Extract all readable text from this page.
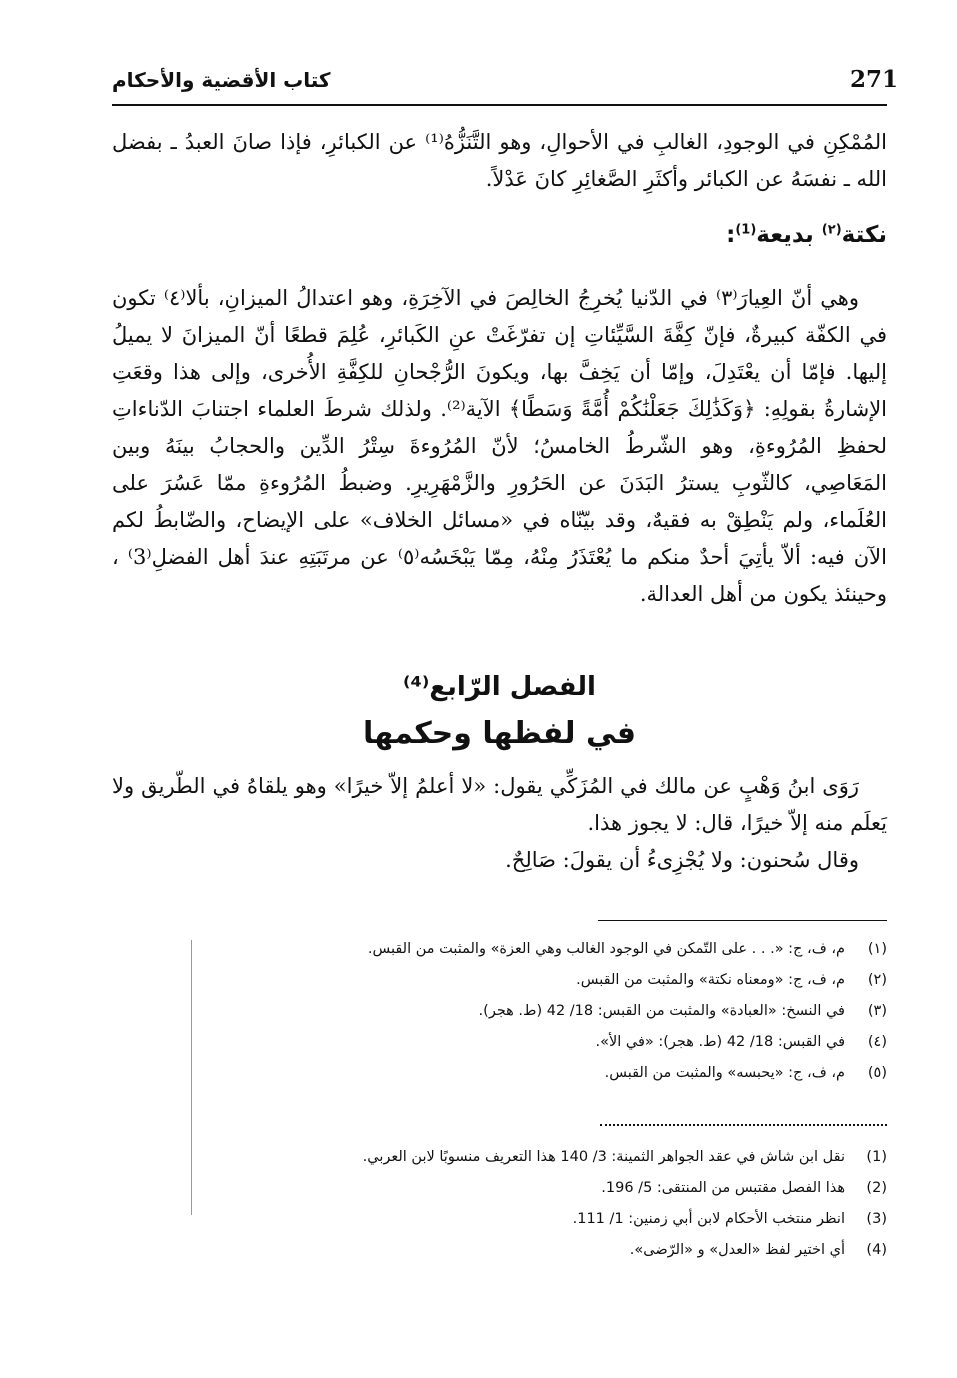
كتاب الأقضية والأحكام	271

المُمْكِنِ في الوجودِ، الغالبِ في الأحوالِ، وهو التَّنَزُّهُ⁽¹⁾ عن الكبائرِ، فإذا صانَ العبدُ ـ بفضل الله ـ نفسَهُ عن الكبائر وأكثَرِ الصَّغائِرِ كانَ عَدْلاً.

نكتة$^{(٢)}$ بديعة$^{(1)}$:

وهي أنّ العِيارَ⁽٣⁾ في الدّنيا يُخرِجُ الخالِصَ في الآخِرَةِ، وهو اعتدالُ الميزانِ، بألا⁽٤⁾ تكون في الكفّة كبيرةٌ، فإنّ كِفَّةَ السَّيِّئاتِ إن تفرّغَتْ عنِ الكَبائرِ، عُلِمَ قطعًا أنّ الميزانَ لا يميلُ إليها. فإمّا أن يعْتَدِلَ، وإمّا أن يَخِفَّ بها، ويكونَ الرُّجْحانِ للكِفَّةِ الأُخرى، وإلى هذا وقعَتِ الإشارةُ بقولِهِ: ﴿وَكَذَٰلِكَ جَعَلْنَٰكُمْ أُمَّةً وَسَطًا﴾ الآية⁽²⁾. ولذلك شرطَ العلماء اجتنابَ الدّناءاتِ لحفظِ المُرُوءةِ، وهو الشّرطُ الخامسُ؛ لأنّ المُرُوءةَ سِتْرُ الدِّين والحجابُ بينَهُ وبين المَعَاصِي، كالثّوبِ يسترُ البَدَنَ عن الحَرُورِ والزَّمْهَرِيرِ. وضبطُ المُرُوءةِ ممّا عَسُرَ على العُلَماء، ولم يَنْطِقْ به فقيهٌ، وقد بيّنّاه في «مسائل الخلاف» على الإيضاح، والضّابطُ لكم الآن فيه: ألاّ يأتِيَ أحدٌ منكم ما يُعْتَذَرُ مِنْهُ، مِمّا يَبْخَسُه⁽٥⁾ عن مرتَبَتِهِ عندَ أهل الفضلِ⁽3⁾ ، وحينئذ يكون من أهل العدالة.

الفصل الرّابع⁽⁴⁾
في لفظها وحكمها

رَوَى ابنُ وَهْبٍ عن مالك في المُزَكِّي يقول: «لا أعلمُ إلاّ خيرًا» وهو يلقاهُ في الطّريق ولا يَعلَم منه إلاّ خيرًا، قال: لا يجوز هذا.

وقال سُحنون: ولا يُجْزِىءُ أن يقولَ: صَالِحٌ.

(١)م، ف، ج: «. . . على التّمكن في الوجود الغالب وهي العزة» والمثبت من القبس.
(٢)م، ف، ج: «ومعناه نكتة» والمثبت من القبس.
(٣)في النسخ: «العبادة» والمثبت من القبس: 18/ 42 (ط. هجر).
(٤)في القبس: 18/ 42 (ط. هجر): «في الأ».
(٥)م، ف، ج: «يحبسه» والمثبت من القبس.
(1)نقل ابن شاش في عقد الجواهر الثمينة: 3/ 140 هذا التعريف منسوبًا لابن العربي.
(2)هذا الفصل مقتبس من المنتقى: 5/ 196.
(3)انظر منتخب الأحكام لابن أبي زمنين: 1/ 111.
(4)أي اختير لفظ «العدل» و «الرّضى».
